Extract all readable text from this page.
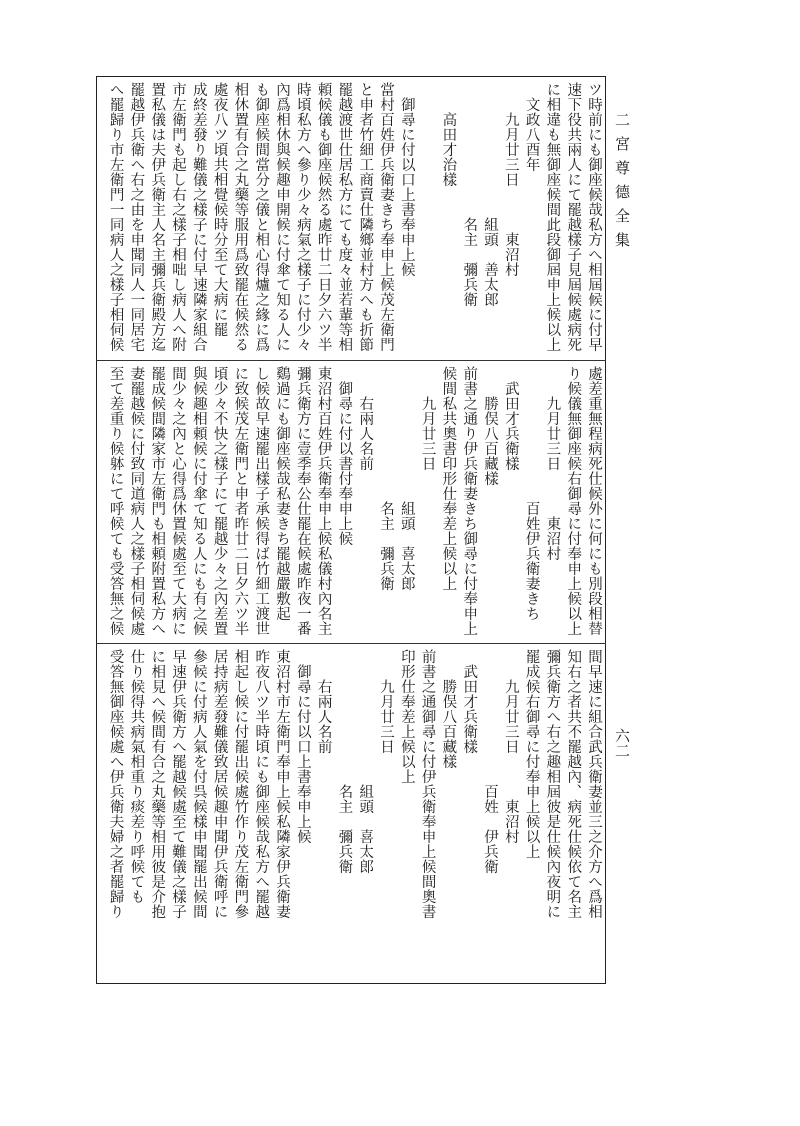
二宮尊德全集
六二
ツ時前にも御座候哉私方へ相屆候に付早
速下役共兩人にて罷越樣子見屆候處病死
に相違も無御座候間此段御屆申上候以上
文政八酉年
九月廿三日　　　東沼村
　　　　　　組頭　善太郎
　　　　　　名主　彌兵衛
高田才治樣
御尋に付以口上書奉申上候
當村百姓伊兵衛妻きち奉申上候茂左衛門
と申者竹細工商賣仕隣鄉並村方へも折節
罷越渡世仕居私方にても度々並若輩等相
頼候儀も御座候然る處昨廿二日夕六ツ半
時頃私方へ參り少々病氣之樣子に付少々
內爲相休與候趣申開候に付傘て知る人に
も御座候間當分之儀と相心得爐之緣に爲
相休置有合之丸藥等服用爲致罷在候然る
處夜八ツ頃共相覺候時分至て大病に罷
成終差發り難儀之樣子に付早速隣家組合
市左衛門も起し右之樣子相咄し病人へ附
置私儀は夫伊兵衛主人名主彌兵衛殿方迄
罷越伊兵衛へ右之由を申聞同人一同居宅
へ罷歸り市左衛門一同病人之樣子相伺候
處差重無程病死仕候外に何にも別段相替
り候儀無御座候右御尋に付奉申上候以上
九月廿三日　　　東沼村
　　　　　　百姓伊兵衛妻きち
武田才兵衛樣
勝俣八百藏樣
前書之通り伊兵衛妻きち御尋に付奉申上
候間私共奧書印形仕奉差上候以上
九月廿三日
　　　　　　組頭　喜太郎
　　　　　　名主　彌兵衛
右兩人名前
御尋に付以書付奉申上候
東沼村百姓伊兵衛奉申上候私儀村內名主
彌兵衛方に壹季奉公仕罷在候處昨夜一番
鷄過にも御座候哉私妻きち罷越嚴敷起
し候故早速罷出樣子承候得ば竹細工渡世
に致候茂左衛門と申者昨廿二日夕六ツ半
頃少々不快之樣子にて罷越少々之內差置
與候趣相頼候に付傘て知る人にも有之候
間少々之內と心得爲休置候處至て大病に
罷成候間隣家市左衛門も相頼附置私方へ
妻罷越候に付致同道病人之樣子相伺候處
至て差重り候躰にて呼候ても受答無之候
間早速に組合武兵衛妻並三之介方へ爲相
知右之者共不罷越內、病死仕候依て名主
彌兵衛方へ右之趣相屆彼是仕候內夜明に
罷成候右御尋に付奉申上候以上
九月廿三日　　　東沼村
　　　　　　百姓　伊兵衛
武田才兵衛樣
勝俣八百藏樣
前書之通御尋に付伊兵衛奉申上候間奧書
印形仕奉差上候以上
九月廿三日
　　　　　　組頭　喜太郎
　　　　　　名主　彌兵衛
右兩人名前
御尋に付以口上書奉申上候
東沼村市左衛門奉申上候私隣家伊兵衛妻
昨夜八ツ半時頃にも御座候哉私方へ罷越
相起し候に付罷出候處竹作り茂左衛門參
居持病差發難儀致居候趣申聞伊兵衛呼に
參候に付病人氣を付呉候樣申聞罷出候間
早速伊兵衛方へ罷越候處至て難儀之樣子
に相見へ候間有合之丸藥等相用彼是介抱
仕り候得共病氣相重り痰差り呼候ても
受答無御座候處へ伊兵衛夫婦之者罷歸り
